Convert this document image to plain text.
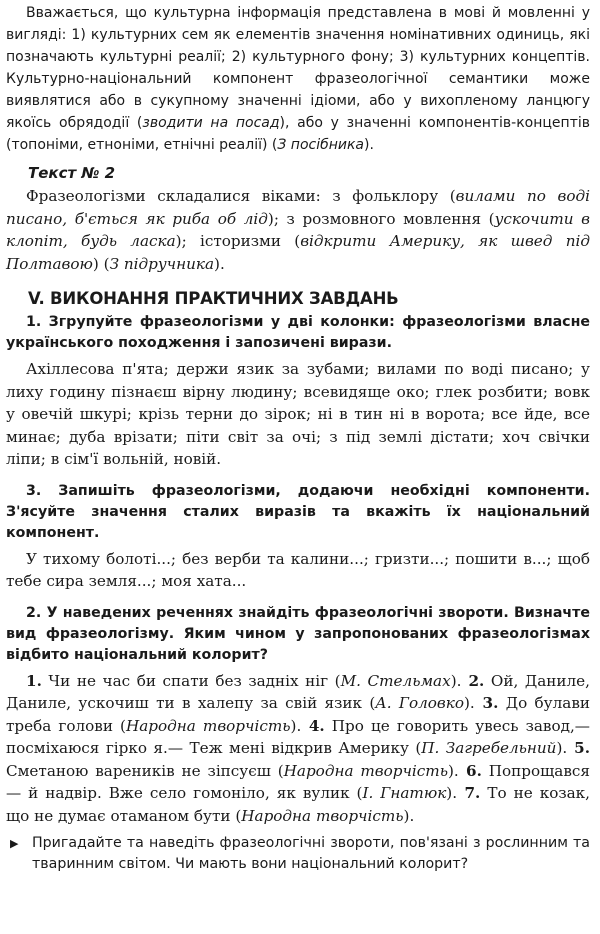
Вважається, що культурна інформація представлена в мові й мовленні у вигляді: 1) культурних сем як елементів значення номінативних одиниць, які позначають культурні реалії; 2) культурного фону; 3) культурних концептів. Культурно-національний компонент фразеологічної семантики може виявлятися або в сукупному значенні ідіоми, або у вихопленому ланцюгу якоїсь обрядодії (зводити на посад), або у значенні компонентів-концептів (топоніми, етноніми, етнічні реалії) (З посібника).

Текст № 2

Фразеологізми складалися віками: з фольклору (вилами по воді писано, б'ється як риба об лід); з розмовного мовлення (ускочити в клопіт, будь ласка); історизми (відкрити Америку, як швед під Полтавою) (З підручника).

V. ВИКОНАННЯ ПРАКТИЧНИХ ЗАВДАНЬ

1. Згрупуйте фразеологізми у дві колонки: фразеологізми власне українського походження і запозичені вирази.

Ахіллесова п'ята; держи язик за зубами; вилами по воді писано; у лиху годину пізнаєш вірну людину; всевидяще око; глек розбити; вовк у овечій шкурі; крізь терни до зірок; ні в тин ні в ворота; все йде, все минає; дуба врізати; піти світ за очі; з під землі дістати; хоч свічки ліпи; в сім'ї вольній, новій.

3. Запишіть фразеологізми, додаючи необхідні компоненти. З'ясуйте значення сталих виразів та вкажіть їх національний компонент.

У тихому болоті...; без верби та калини...; гризти...; пошити в...; щоб тебе сира земля...; моя хата...

2. У наведених реченнях знайдіть фразеологічні звороти. Визначте вид фразеологізму. Яким чином у запропонованих фразеологізмах відбито національний колорит?

1. Чи не час би спати без задніх ніг (М. Стельмах). 2. Ой, Даниле, Даниле, ускочиш ти в халепу за свій язик (А. Головко). 3. До булави треба голови (Народна творчість). 4. Про це говорить увесь завод,— посміхаюся гірко я.— Теж мені відкрив Америку (П. Загребельний). 5. Сметаною вареників не зіпсуєш (Народна творчість). 6. Попрощався — й надвір. Вже село гомоніло, як вулик (І. Гнатюк). 7. То не козак, що не думає отаманом бути (Народна творчість).

▶ Пригадайте та наведіть фразеологічні звороти, пов'язані з рослинним та тваринним світом. Чи мають вони національний колорит?
